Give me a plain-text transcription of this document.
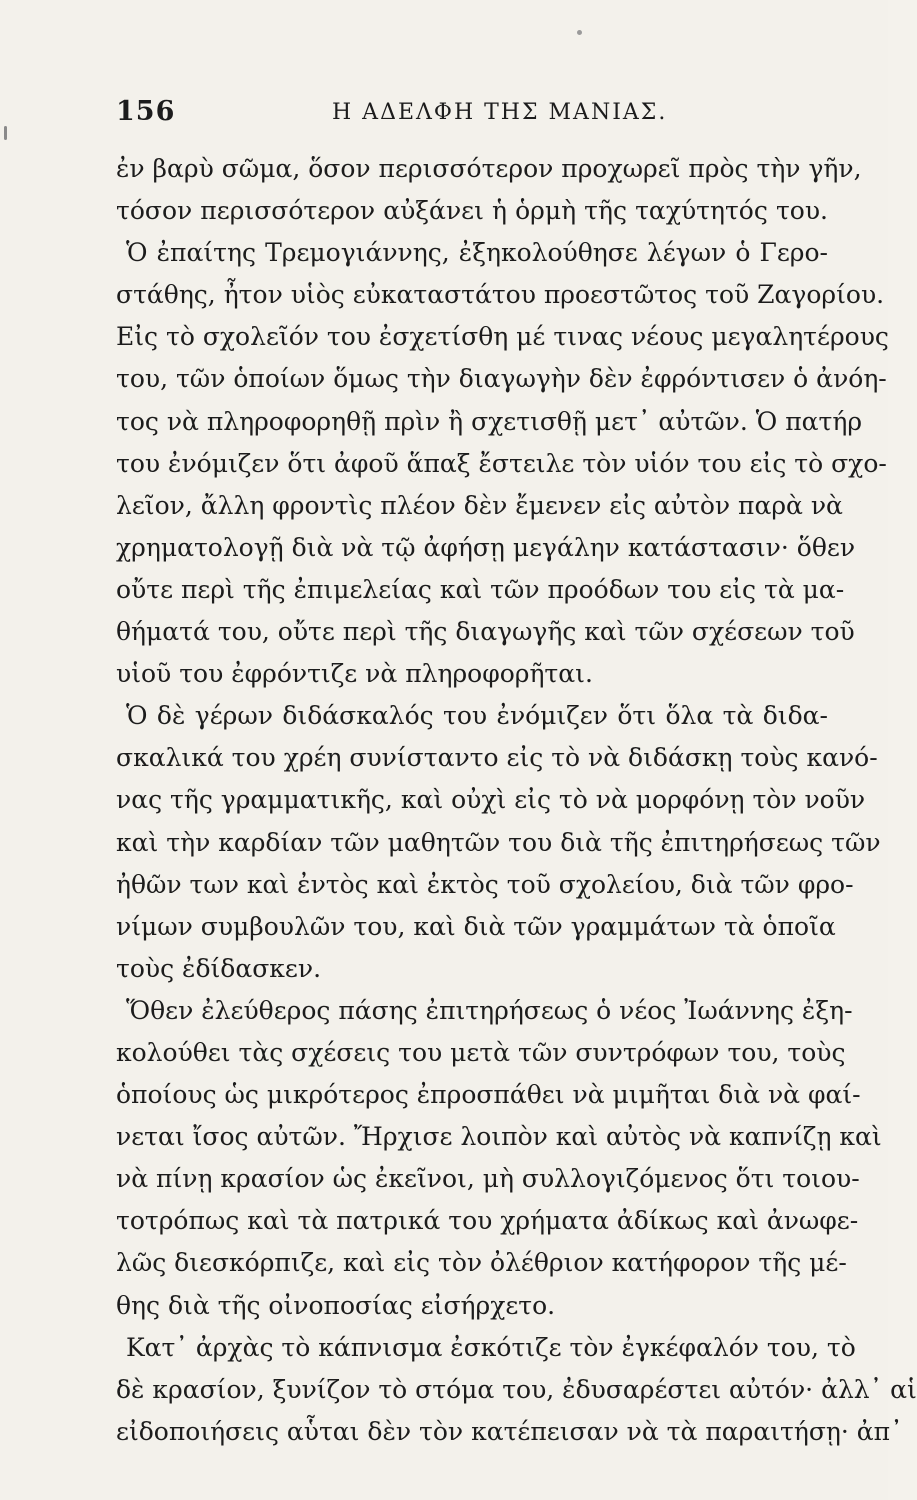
156	Η ΑΔΕΛΦΗ ΤΗΣ ΜΑΝΙΑΣ.
ἐν βαρὺ σῶμα, ὅσον περισσότερον προχωρεῖ πρὸς τὴν γῆν,
τόσον περισσότερον αὐξάνει ἡ ὁρμὴ τῆς ταχύτητός του.
Ὁ ἐπαίτης Τρεμογιάννης, ἐξηκολούθησε λέγων ὁ Γερο-
στάθης, ἦτον υἱὸς εὐκαταστάτου προεστῶτος τοῦ Ζαγορίου.
Εἰς τὸ σχολεῖόν του ἐσχετίσθη μέ τινας νέους μεγαλητέρους
του, τῶν ὁποίων ὅμως τὴν διαγωγὴν δὲν ἐφρόντισεν ὁ ἀνόη-
τος νὰ πληροφορηθῇ πρὶν ἢ σχετισθῇ μετ᾽ αὐτῶν. Ὁ πατήρ
του ἐνόμιζεν ὅτι ἀφοῦ ἅπαξ ἔστειλε τὸν υἱόν του εἰς τὸ σχο-
λεῖον, ἄλλη φροντὶς πλέον δὲν ἔμενεν εἰς αὐτὸν παρὰ νὰ
χρηματολογῇ διὰ νὰ τῷ ἀφήσῃ μεγάλην κατάστασιν· ὅθεν
οὔτε περὶ τῆς ἐπιμελείας καὶ τῶν προόδων του εἰς τὰ μα-
θήματά του, οὔτε περὶ τῆς διαγωγῆς καὶ τῶν σχέσεων τοῦ
υἱοῦ του ἐφρόντιζε νὰ πληροφορῆται.
Ὁ δὲ γέρων διδάσκαλός του ἐνόμιζεν ὅτι ὅλα τὰ διδα-
σκαλικά του χρέη συνίσταντο εἰς τὸ νὰ διδάσκῃ τοὺς κανό-
νας τῆς γραμματικῆς, καὶ οὐχὶ εἰς τὸ νὰ μορφόνῃ τὸν νοῦν
καὶ τὴν καρδίαν τῶν μαθητῶν του διὰ τῆς ἐπιτηρήσεως τῶν
ἠθῶν των καὶ ἐντὸς καὶ ἐκτὸς τοῦ σχολείου, διὰ τῶν φρο-
νίμων συμβουλῶν του, καὶ διὰ τῶν γραμμάτων τὰ ὁποῖα
τοὺς ἐδίδασκεν.
Ὅθεν ἐλεύθερος πάσης ἐπιτηρήσεως ὁ νέος Ἰωάννης ἐξη-
κολούθει τὰς σχέσεις του μετὰ τῶν συντρόφων του, τοὺς
ὁποίους ὡς μικρότερος ἐπροσπάθει νὰ μιμῆται διὰ νὰ φαί-
νεται ἴσος αὐτῶν. Ἤρχισε λοιπὸν καὶ αὐτὸς νὰ καπνίζῃ καὶ
νὰ πίνῃ κρασίον ὡς ἐκεῖνοι, μὴ συλλογιζόμενος ὅτι τοιου-
τοτρόπως καὶ τὰ πατρικά του χρήματα ἀδίκως καὶ ἀνωφε-
λῶς διεσκόρπιζε, καὶ εἰς τὸν ὀλέθριον κατήφορον τῆς μέ-
θης διὰ τῆς οἰνοποσίας εἰσήρχετο.
Κατ᾽ ἀρχὰς τὸ κάπνισμα ἐσκότιζε τὸν ἐγκέφαλόν του, τὸ
δὲ κρασίον, ξυνίζον τὸ στόμα του, ἐδυσαρέστει αὐτόν· ἀλλ᾽ αἱ
εἰδοποιήσεις αὗται δὲν τὸν κατέπεισαν νὰ τὰ παραιτήσῃ· ἀπ᾽
